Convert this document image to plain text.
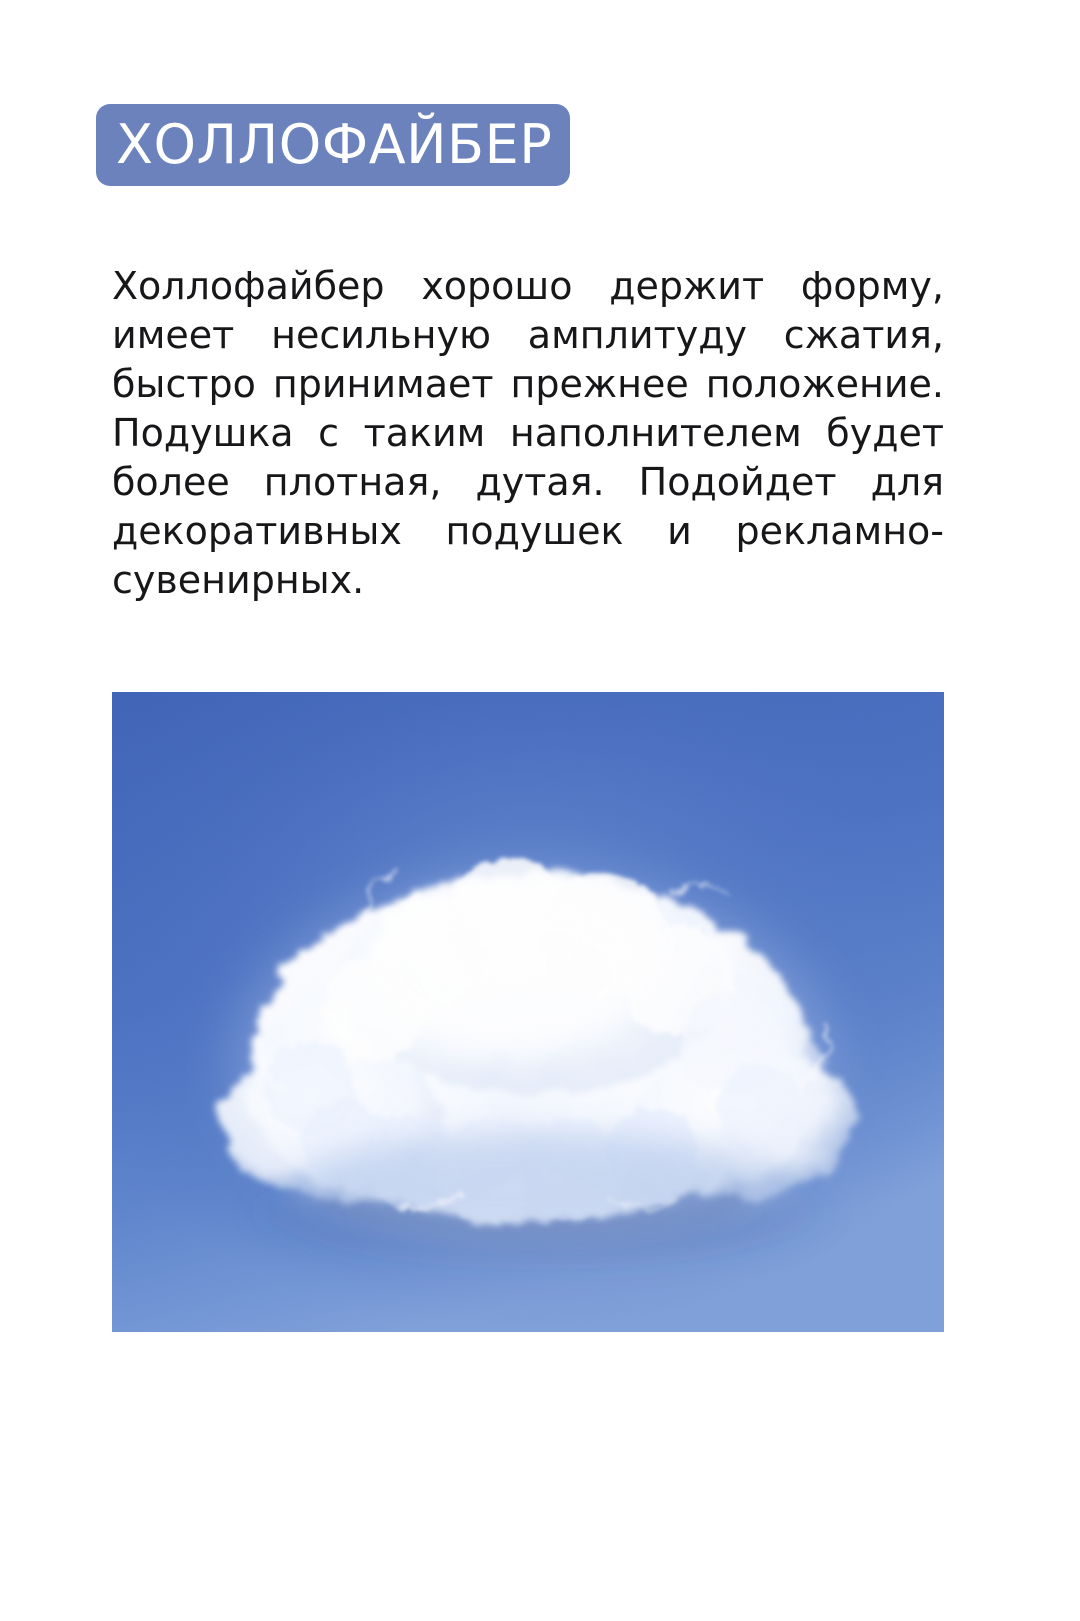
ХОЛЛОФАЙБЕР

Холлофайбер хорошо держит форму, имеет несильную амплитуду сжатия, быстро принимает прежнее положение. Подушка с таким наполнителем будет более плотная, дутая. Подойдет для декоративных подушек и рекламно-сувенирных.
